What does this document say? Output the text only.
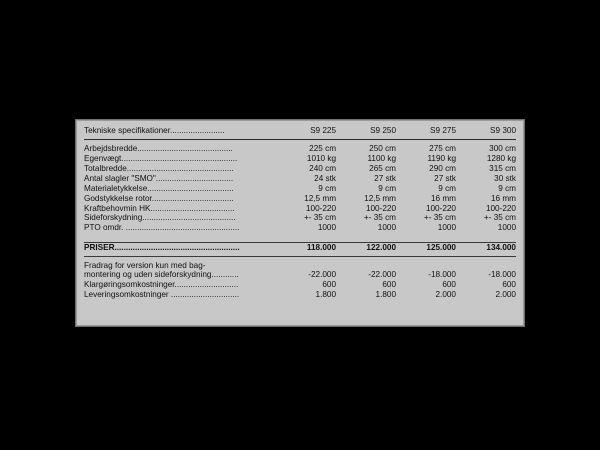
Tekniske specifikationer........................	S9 225	S9 250	S9 275	S9 300

Arbejdsbredde..........................................	225 cm	250 cm	275 cm	300 cm
Egenvægt...................................................	1010 kg	1100 kg	1190 kg	1280 kg
Totalbredde...............................................	240 cm	265 cm	290 cm	315 cm
Antal slagler "SMO"..................................	24 stk	27 stk	27 stk	30 stk
Materialetykkelse......................................	9 cm	9 cm	9 cm	9 cm
Godstykkelse rotor....................................	12,5 mm	12,5 mm	16 mm	16 mm
Kraftbehovmin HK.....................................	100-220	100-220	100-220	100-220
Sideforskydning.........................................	+- 35 cm	+- 35 cm	+- 35 cm	+- 35 cm
PTO omdr. ..................................................	1000	1000	1000	1000

PRISER.......................................................	118.000	122.000	125.000	134.000

Fradrag for version kun med bag-				
montering og uden sideforskydning............	-22.000	-22.000	-18.000	-18.000
Klargøringsomkostninger............................	600	600	600	600
Leveringsomkostninger ..............................	1.800	1.800	2.000	2.000
